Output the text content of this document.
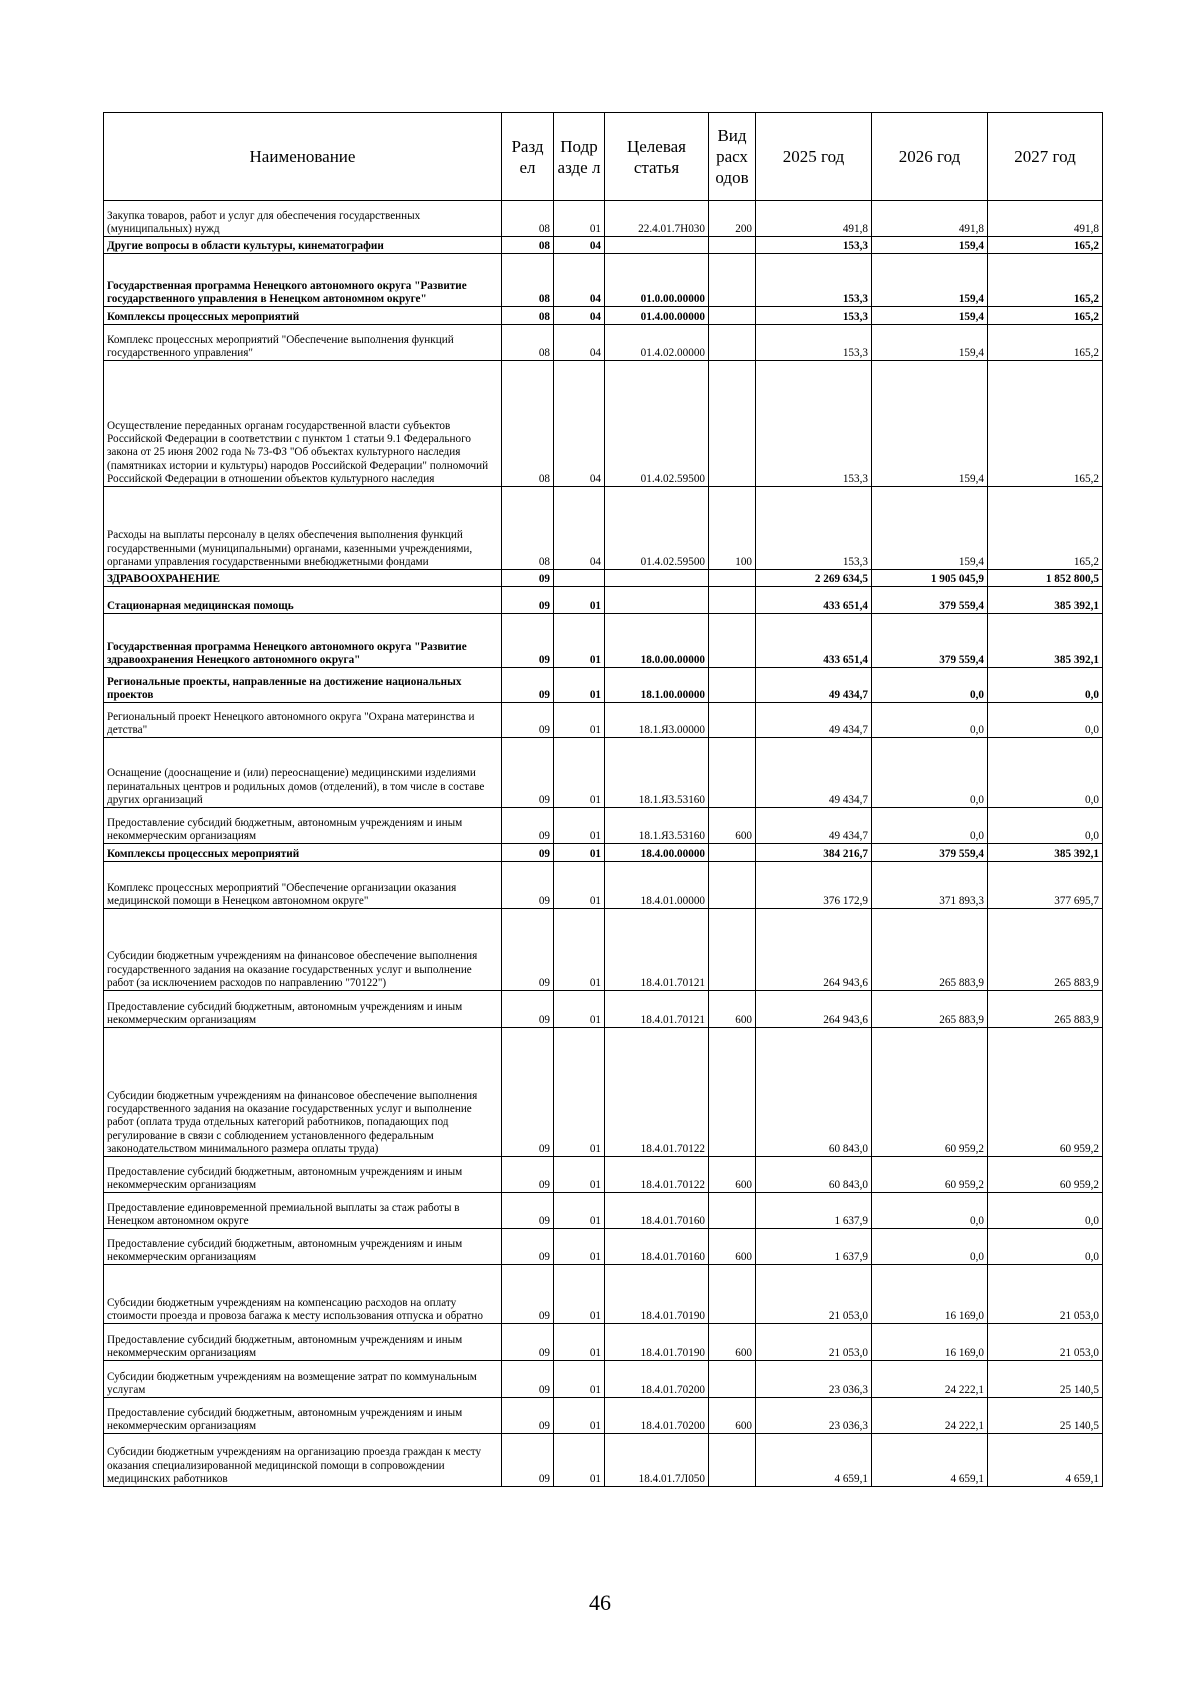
Наименование	Разд ел	Подр азде л	Целевая статья	Вид расх одов	2025 год	2026 год	2027 год
Закупка товаров, работ и услуг для обеспечения государственных (муниципальных) нужд	08	01	22.4.01.7Н030	200	491,8	491,8	491,8
Другие вопросы в области культуры, кинематографии	08	04			153,3	159,4	165,2
Государственная программа Ненецкого автономного округа "Развитие государственного управления в Ненецком автономном округе"	08	04	01.0.00.00000		153,3	159,4	165,2
Комплексы процессных мероприятий	08	04	01.4.00.00000		153,3	159,4	165,2
Комплекс процессных мероприятий "Обеспечение выполнения функций государственного управления"	08	04	01.4.02.00000		153,3	159,4	165,2
Осуществление переданных органам государственной власти субъектов Российской Федерации в соответствии с пунктом 1 статьи 9.1 Федерального закона от 25 июня 2002 года № 73-ФЗ "Об объектах культурного наследия (памятниках истории и культуры) народов Российской Федерации" полномочий Российской Федерации в отношении объектов культурного наследия	08	04	01.4.02.59500		153,3	159,4	165,2
Расходы на выплаты персоналу в целях обеспечения выполнения функций государственными (муниципальными) органами, казенными учреждениями, органами управления государственными внебюджетными фондами	08	04	01.4.02.59500	100	153,3	159,4	165,2
ЗДРАВООХРАНЕНИЕ	09				2 269 634,5	1 905 045,9	1 852 800,5
Стационарная медицинская помощь	09	01			433 651,4	379 559,4	385 392,1
Государственная программа Ненецкого автономного округа "Развитие здравоохранения Ненецкого автономного округа"	09	01	18.0.00.00000		433 651,4	379 559,4	385 392,1
Региональные проекты, направленные на достижение национальных проектов	09	01	18.1.00.00000		49 434,7	0,0	0,0
Региональный проект Ненецкого автономного округа "Охрана материнства и детства"	09	01	18.1.Я3.00000		49 434,7	0,0	0,0
Оснащение (дооснащение и (или) переоснащение) медицинскими изделиями перинатальных центров и родильных домов (отделений), в том числе в составе других организаций	09	01	18.1.Я3.53160		49 434,7	0,0	0,0
Предоставление субсидий бюджетным, автономным учреждениям и иным некоммерческим организациям	09	01	18.1.Я3.53160	600	49 434,7	0,0	0,0
Комплексы процессных мероприятий	09	01	18.4.00.00000		384 216,7	379 559,4	385 392,1
Комплекс процессных мероприятий "Обеспечение организации оказания медицинской помощи в Ненецком автономном округе"	09	01	18.4.01.00000		376 172,9	371 893,3	377 695,7
Субсидии бюджетным учреждениям на финансовое обеспечение выполнения государственного задания на оказание государственных услуг и выполнение работ (за исключением расходов по направлению "70122")	09	01	18.4.01.70121		264 943,6	265 883,9	265 883,9
Предоставление субсидий бюджетным, автономным учреждениям и иным некоммерческим организациям	09	01	18.4.01.70121	600	264 943,6	265 883,9	265 883,9
Субсидии бюджетным учреждениям на финансовое обеспечение выполнения государственного задания на оказание государственных услуг и выполнение работ (оплата труда отдельных категорий работников, попадающих под регулирование в связи с соблюдением установленного федеральным законодательством минимального размера оплаты труда)	09	01	18.4.01.70122		60 843,0	60 959,2	60 959,2
Предоставление субсидий бюджетным, автономным учреждениям и иным некоммерческим организациям	09	01	18.4.01.70122	600	60 843,0	60 959,2	60 959,2
Предоставление единовременной премиальной выплаты за стаж работы в Ненецком автономном округе	09	01	18.4.01.70160		1 637,9	0,0	0,0
Предоставление субсидий бюджетным, автономным учреждениям и иным некоммерческим организациям	09	01	18.4.01.70160	600	1 637,9	0,0	0,0
Субсидии бюджетным учреждениям на компенсацию расходов на оплату стоимости проезда и провоза багажа к месту использования отпуска и обратно	09	01	18.4.01.70190		21 053,0	16 169,0	21 053,0
Предоставление субсидий бюджетным, автономным учреждениям и иным некоммерческим организациям	09	01	18.4.01.70190	600	21 053,0	16 169,0	21 053,0
Субсидии бюджетным учреждениям на возмещение затрат по коммунальным услугам	09	01	18.4.01.70200		23 036,3	24 222,1	25 140,5
Предоставление субсидий бюджетным, автономным учреждениям и иным некоммерческим организациям	09	01	18.4.01.70200	600	23 036,3	24 222,1	25 140,5
Субсидии бюджетным учреждениям на организацию проезда граждан к месту оказания специализированной медицинской помощи в сопровождении медицинских работников	09	01	18.4.01.7Л050		4 659,1	4 659,1	4 659,1
46
